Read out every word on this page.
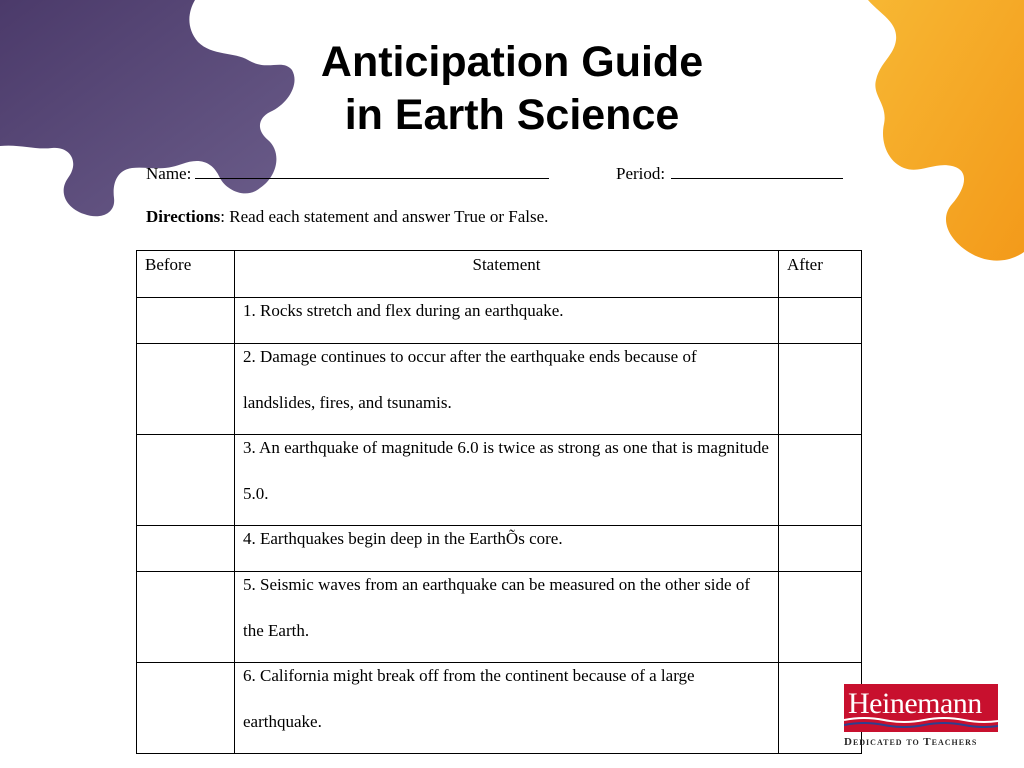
Anticipation Guide
in Earth Science
Name:	Period:
Directions: Read each statement and answer True or False.
Before	Statement	After

	1. Rocks stretch and flex during an earthquake.	

	2. Damage continues to occur after the earthquake ends because of landslides, fires, and tsunamis.	

	3. An earthquake of magnitude 6.0 is twice as strong as one that is magnitude 5.0.	

	4. Earthquakes begin deep in the EarthÕs core.	

	5. Seismic waves from an earthquake can be measured on the other side of the Earth.	

	6. California might break off from the continent because of a large earthquake.	

Heinemann
Dedicated to Teachers
